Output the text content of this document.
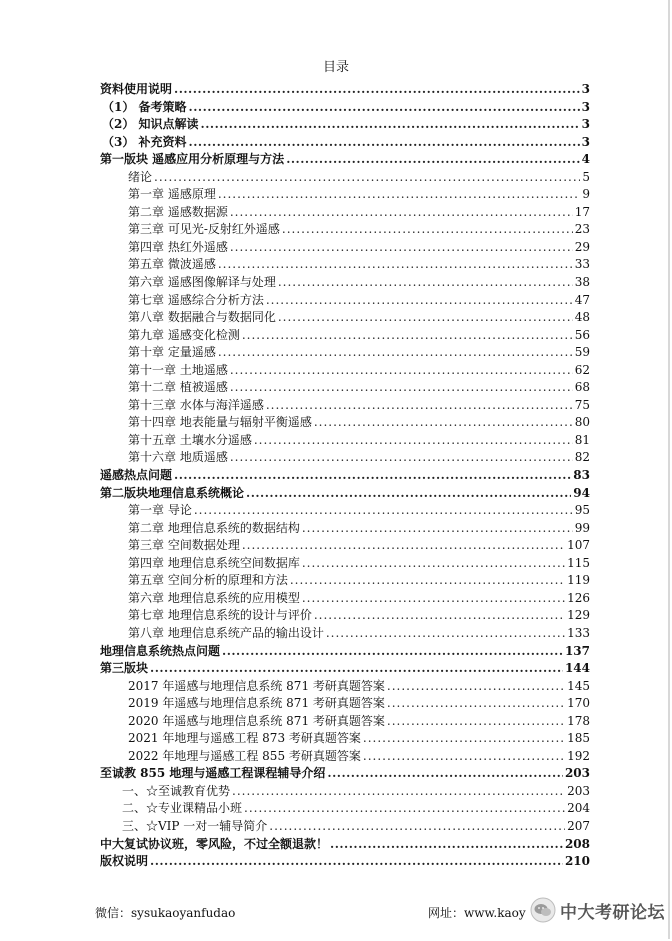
目录
资料使用说明 .....	3
（1） 备考策略 .....	3
（2） 知识点解读 .....	3
（3） 补充资料 .....	3
第一版块 遥感应用分析原理与方法 .....	4
绪论 .....	5
第一章 遥感原理 .....	9
第二章 遥感数据源 .....	17
第三章 可见光-反射红外遥感 .....	23
第四章 热红外遥感 .....	29
第五章 微波遥感 .....	33
第六章 遥感图像解译与处理 .....	38
第七章 遥感综合分析方法 .....	47
第八章 数据融合与数据同化 .....	48
第九章 遥感变化检测 .....	56
第十章 定量遥感 .....	59
第十一章 土地遥感 .....	62
第十二章 植被遥感 .....	68
第十三章 水体与海洋遥感 .....	75
第十四章 地表能量与辐射平衡遥感 .....	80
第十五章 土壤水分遥感 .....	81
第十六章 地质遥感 .....	82
遥感热点问题 .....	83
第二版块地理信息系统概论 .....	94
第一章 导论 .....	95
第二章 地理信息系统的数据结构 .....	99
第三章 空间数据处理 .....	107
第四章 地理信息系统空间数据库 .....	115
第五章 空间分析的原理和方法 .....	119
第六章 地理信息系统的应用模型 .....	126
第七章 地理信息系统的设计与评价 .....	129
第八章 地理信息系统产品的输出设计 .....	133
地理信息系统热点问题 .....	137
第三版块 .....	144
2017 年遥感与地理信息系统 871 考研真题答案 .....	145
2019 年遥感与地理信息系统 871 考研真题答案 .....	170
2020 年遥感与地理信息系统 871 考研真题答案 .....	178
2021 年地理与遥感工程 873 考研真题答案 .....	185
2022 年地理与遥感工程 855 考研真题答案 .....	192
至诚教 855 地理与遥感工程课程辅导介绍 .....	203
一、☆至诚教育优势 .....	203
二、☆专业课精品小班 .....	204
三、☆VIP 一对一辅导简介 .....	207
中大复试协议班，零风险，不过全额退款！ .....	208
版权说明 .....	210
微信：sysukaoyanfudao	网址：www.kaoy 中大考研论坛
